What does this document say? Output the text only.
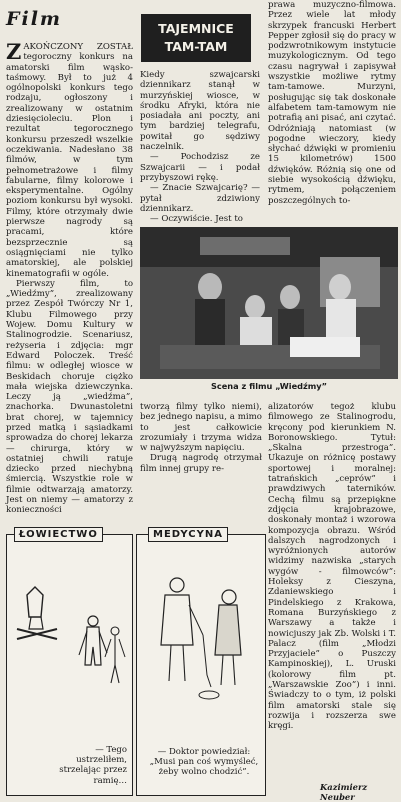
Film

ZAKOŃCZONY ZOSTAŁ tegoroczny konkurs na amatorski film wąsko-taśmowy. Był to już 4 ogólnopolski konkurs tego rodzaju, ogłoszony i zrealizowany w ostatnim dziesięcioleciu. Plon i rezultat tegorocznego konkursu przeszedł wszelkie oczekiwania. Nadesłano 38 filmów, w tym pełnometrażowe i filmy fabularne, filmy kolorowe i eksperymentalne. Ogólny poziom konkursu był wysoki. Filmy, które otrzymały dwie pierwsze nagrody są pracami, które bezsprzecznie są osiągnięciami nie tylko amatorskiej, ale polskiej kinematografii w ogóle.

Pierwszy film, to „Wiedźmy”, zrealizowany przez Zespół Twórczy Nr 1, Klubu Filmowego przy Wojew. Domu Kultury w Stalinogrodzie. Scenariusz, reżyseria i zdjęcia: mgr Edward Poloczek. Treść filmu: w odległej wiosce w Beskidach choruje ciężko mała wiejska dziewczynka. Leczy ją „wiedźma”, znachorka. Dwunastoletni brat chorej, w tajemnicy przed matką i sąsiadkami sprowadza do chorej lekarza — chirurga, który w ostatniej chwili ratuje dziecko przed niechybną śmiercią. Wszystkie role w filmie odtwarzają amatorzy. Jest on niemy — amatorzy z konieczności

TAJEMNICE
TAM-TAM

Kiedy szwajcarski dziennikarz stanął w murzyńskiej wiosce, w środku Afryki, która nie posiadała ani poczty, ani tym bardziej telegrafu, powitał go sędziwy naczelnik.

— Pochodzisz ze Szwajcarii — i podał przybyszowi rękę.

— Znacie Szwajcarię? — pytał zdziwiony dziennikarz.

— Oczywiście. Jest to

prawa muzyczno-filmowa. Przez wiele lat młody skrzypek francuski Herbert Pepper zgłosił się do pracy w podzwrotnikowym instytucie muzykologicznym. Od tego czasu nagrywał i zapisywał wszystkie możliwe rytmy tam-tamowe. Murzyni, posługując się tak doskonałe alfabetem tam-tamowym nie potrafią ani pisać, ani czytać. Odróżniają natomiast (w pogodne wieczory, kiedy słychać dźwięki w promieniu 15 kilometrów) 1500 dźwięków. Różnią się one od siebie wysokością dźwięku, rytmem, połączeniem poszczególnych to-

Scena z filmu „Wiedźmy”

tworzą filmy tylko niemi), bez jednego napisu, a mimo to jest całkowicie zrozumiały i trzyma widza w najwyższym napięciu.

Drugą nagrodę otrzymał film innej grupy re-

alizatorów tegoż klubu filmowego ze Stalinogrodu, kręcony pod kierunkiem N. Boronowskiego. Tytuł: „Skalna przestroga”. Ukazuje on różnicę postawy sportowej i moralnej: tatrańskich „ceprów” i prawdziwych taterników. Cechą filmu są przepiękne zdjęcia krajobrazowe, doskonały montaż i wzorowa kompozycja obrazu. Wśród dalszych nagrodzonych i wyróżnionych autorów widzimy nazwiska „starych wygów - filmowców”: Holeksy z Cieszyna, Zdaniewskiego i Pindelskiego z Krakowa, Romana Burzyńskiego z Warszawy a także i nowicjuszy jak Zb. Wolski i T. Palacz (film „Młodzi Przyjaciele” o Puszczy Kampinoskiej), L. Uruski (kolorowy film pt. „Warszawskie Zoo”) i inni. Świadczy to o tym, iż polski film amatorski stale się rozwija i rozszerza swe kręgi.

Kazimierz Neuber
— Tego ustrzeliłem, strzelając przez ramię…
ŁOWIECTWO
— Doktor powiedział: „Musi pan coś wymyśleć, żeby wolno chodzić”.
MEDYCYNA
